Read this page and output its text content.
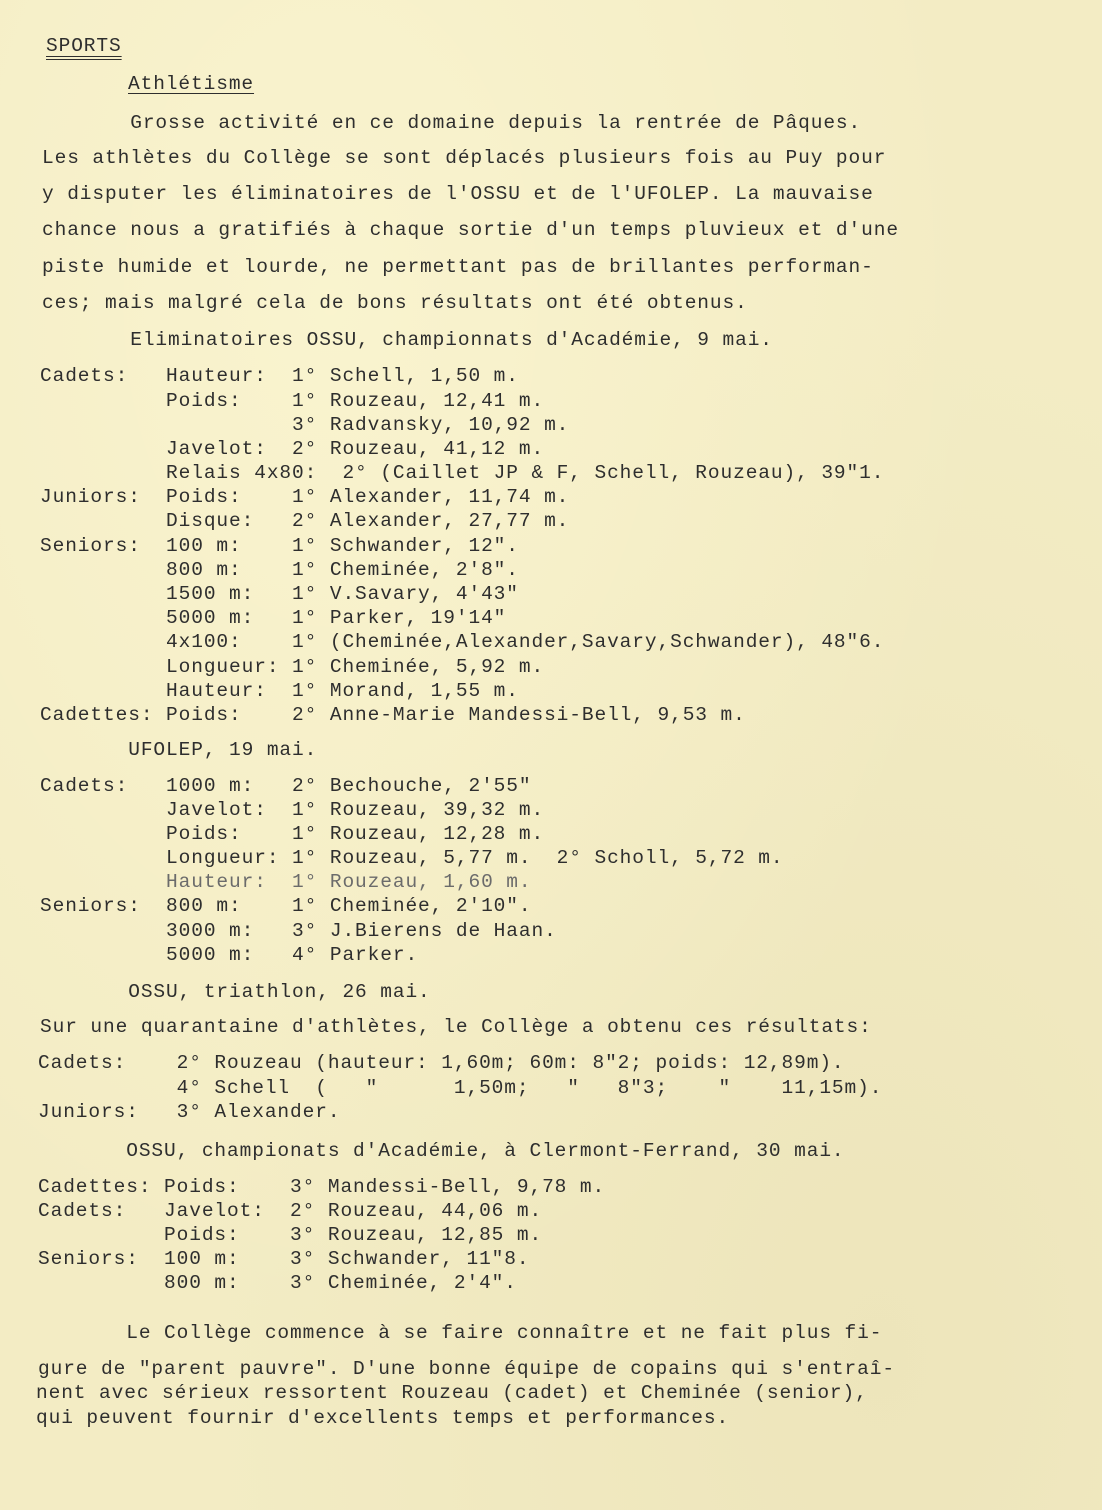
SPORTS
Athlétisme
Grosse activité en ce domaine depuis la rentrée de Pâques.
Les athlètes du Collège se sont déplacés plusieurs fois au Puy pour
y disputer les éliminatoires de l'OSSU et de l'UFOLEP. La mauvaise
chance nous a gratifiés à chaque sortie d'un temps pluvieux et d'une
piste humide et lourde, ne permettant pas de brillantes performan-
ces; mais malgré cela de bons résultats ont été obtenus.
Eliminatoires OSSU, championnats d'Académie, 9 mai.
Cadets:   Hauteur:  1° Schell, 1,50 m.
Poids:    1° Rouzeau, 12,41 m.
3° Radvansky, 10,92 m.
Javelot:  2° Rouzeau, 41,12 m.
Relais 4x80:  2° (Caillet JP & F, Schell, Rouzeau), 39"1.
Juniors:  Poids:    1° Alexander, 11,74 m.
Disque:   2° Alexander, 27,77 m.
Seniors:  100 m:    1° Schwander, 12".
800 m:    1° Cheminée, 2'8".
1500 m:   1° V.Savary, 4'43"
5000 m:   1° Parker, 19'14"
4x100:    1° (Cheminée,Alexander,Savary,Schwander), 48"6.
Longueur: 1° Cheminée, 5,92 m.
Hauteur:  1° Morand, 1,55 m.
Cadettes: Poids:    2° Anne-Marie Mandessi-Bell, 9,53 m.
UFOLEP, 19 mai.
Cadets:   1000 m:   2° Bechouche, 2'55"
Javelot:  1° Rouzeau, 39,32 m.
Poids:    1° Rouzeau, 12,28 m.
Longueur: 1° Rouzeau, 5,77 m.  2° Scholl, 5,72 m.
Hauteur:  1° Rouzeau, 1,60 m.
Seniors:  800 m:    1° Cheminée, 2'10".
3000 m:   3° J.Bierens de Haan.
5000 m:   4° Parker.
OSSU, triathlon, 26 mai.
Sur une quarantaine d'athlètes, le Collège a obtenu ces résultats:
Cadets:    2° Rouzeau (hauteur: 1,60m; 60m: 8"2; poids: 12,89m).
4° Schell  (   "      1,50m;   "   8"3;    "    11,15m).
Juniors:   3° Alexander.
OSSU, championats d'Académie, à Clermont-Ferrand, 30 mai.
Cadettes: Poids:    3° Mandessi-Bell, 9,78 m.
Cadets:   Javelot:  2° Rouzeau, 44,06 m.
Poids:    3° Rouzeau, 12,85 m.
Seniors:  100 m:    3° Schwander, 11"8.
800 m:    3° Cheminée, 2'4".
Le Collège commence à se faire connaître et ne fait plus fi-
gure de "parent pauvre". D'une bonne équipe de copains qui s'entraî-
nent avec sérieux ressortent Rouzeau (cadet) et Cheminée (senior),
qui peuvent fournir d'excellents temps et performances.
